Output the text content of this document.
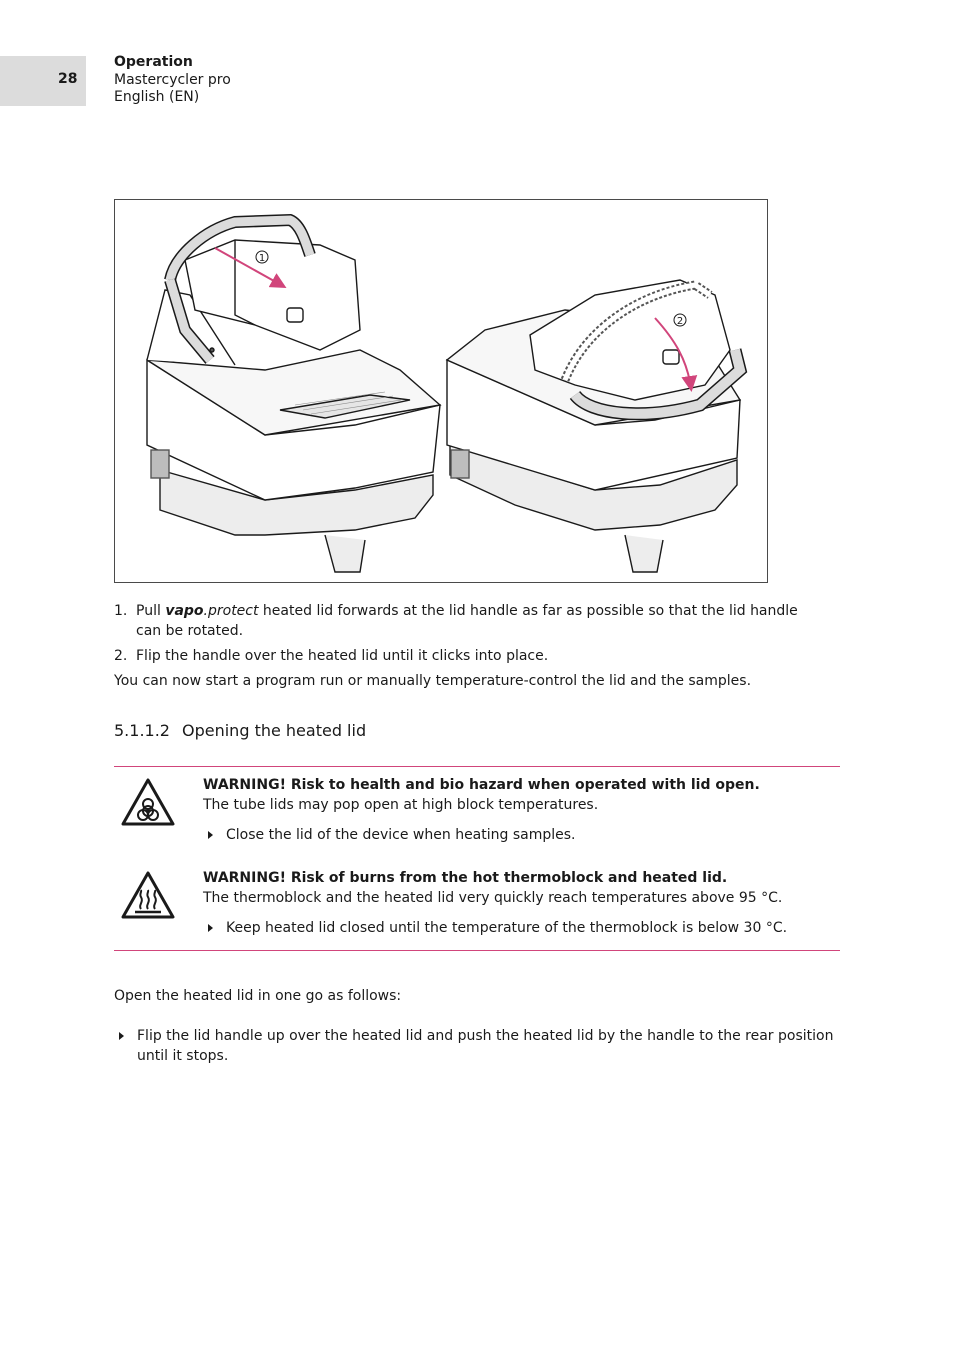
28
Operation
Mastercycler pro
English (EN)
1
2
1. Pull vapo.protect heated lid forwards at the lid handle as far as possible so that the lid handle can be rotated.
2. Flip the handle over the heated lid until it clicks into place.
You can now start a program run or manually temperature-control the lid and the samples.
5.1.1.2 Opening the heated lid
WARNING! Risk to health and bio hazard when operated with lid open.
The tube lids may pop open at high block temperatures.
Close the lid of the device when heating samples.
WARNING! Risk of burns from the hot thermoblock and heated lid.
The thermoblock and the heated lid very quickly reach temperatures above 95 °C.
Keep heated lid closed until the temperature of the thermoblock is below 30 °C.
Open the heated lid in one go as follows:
Flip the lid handle up over the heated lid and push the heated lid by the handle to the rear position until it stops.
